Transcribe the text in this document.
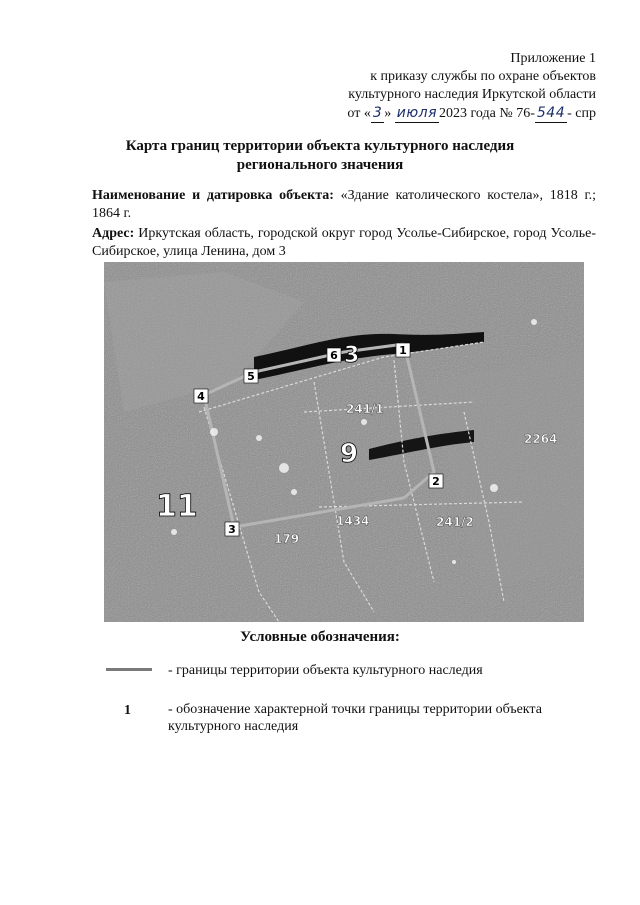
Приложение 1
к приказу службы по охране объектов
культурного наследия Иркутской области
от « 3 » июля 2023 года № 76- 544 - спр
Карта границ территории объекта культурного наследия
регионального значения
Наименование и датировка объекта: «Здание католического костела», 1818 г.; 1864 г.
Адрес: Иркутская область, городской округ город Усолье-Сибирское, город Усолье-Сибирское, улица Ленина, дом 3
1
2
3
4
5
6
11
9
3
241/1
2264
1434	241/2
179
Условные обозначения:
- границы территории объекта культурного наследия
1	- обозначение характерной точки границы территории объекта
культурного наследия
